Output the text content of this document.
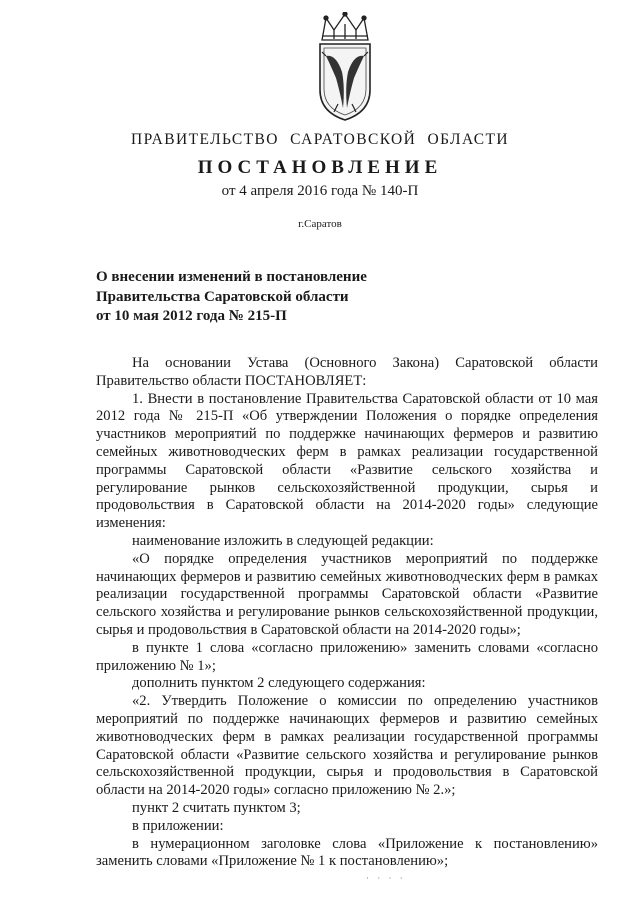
ПРАВИТЕЛЬСТВО САРАТОВСКОЙ ОБЛАСТИ
ПОСТАНОВЛЕНИЕ
от 4 апреля 2016 года № 140-П
г.Саратов
О внесении изменений в постановление
Правительства Саратовской области
от 10 мая 2012 года № 215-П

На основании Устава (Основного Закона) Саратовской области Правительство области ПОСТАНОВЛЯЕТ:

1. Внести в постановление Правительства Саратовской области от 10 мая 2012 года № 215-П «Об утверждении Положения о порядке определения участников мероприятий по поддержке начинающих фермеров и развитию семейных животноводческих ферм в рамках реализации государственной программы Саратовской области «Развитие сельского хозяйства и регулирование рынков сельскохозяйственной продукции, сырья и продовольствия в Саратовской области на 2014-2020 годы» следующие изменения:

наименование изложить в следующей редакции:

«О порядке определения участников мероприятий по поддержке начинающих фермеров и развитию семейных животноводческих ферм в рамках реализации государственной программы Саратовской области «Развитие сельского хозяйства и регулирование рынков сельскохозяйственной продукции, сырья и продовольствия в Саратовской области на 2014-2020 годы»;

в пункте 1 слова «согласно приложению» заменить словами «согласно приложению № 1»;

дополнить пунктом 2 следующего содержания:

«2. Утвердить Положение о комиссии по определению участников мероприятий по поддержке начинающих фермеров и развитию семейных животноводческих ферм в рамках реализации государственной программы Саратовской области «Развитие сельского хозяйства и регулирование рынков сельскохозяйственной продукции, сырья и продовольствия в Саратовской области на 2014-2020 годы» согласно приложению № 2.»;

пункт 2 считать пунктом 3;

в приложении:

в нумерационном заголовке слова «Приложение к постановлению» заменить словами «Приложение № 1 к постановлению»;

· · · ·
